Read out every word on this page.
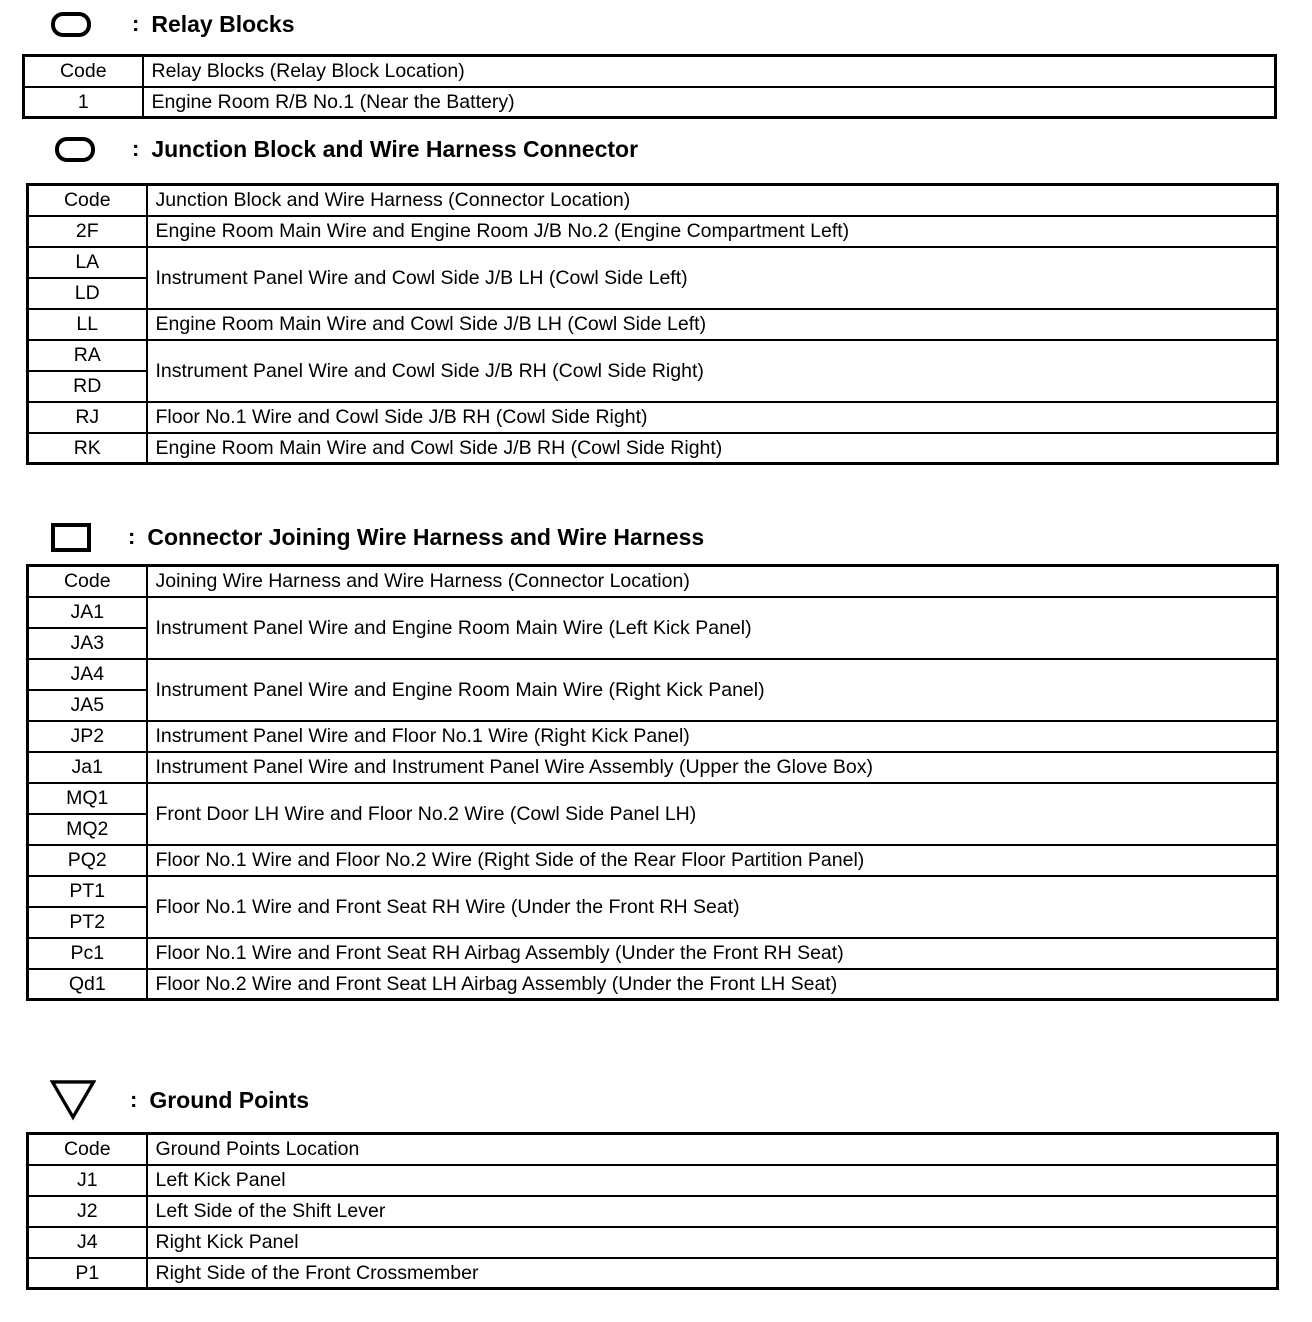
: Relay Blocks
Code	Relay Blocks (Relay Block Location)
1	Engine Room R/B No.1 (Near the Battery)
: Junction Block and Wire Harness Connector
Code	Junction Block and Wire Harness (Connector Location)
2F	Engine Room Main Wire and Engine Room J/B No.2 (Engine Compartment Left)
LA	Instrument Panel Wire and Cowl Side J/B LH (Cowl Side Left)
LD	
LL	Engine Room Main Wire and Cowl Side J/B LH (Cowl Side Left)
RA	Instrument Panel Wire and Cowl Side J/B RH (Cowl Side Right)
RD	
RJ	Floor No.1 Wire and Cowl Side J/B RH (Cowl Side Right)
RK	Engine Room Main Wire and Cowl Side J/B RH (Cowl Side Right)
: Connector Joining Wire Harness and Wire Harness
Code	Joining Wire Harness and Wire Harness (Connector Location)
JA1	Instrument Panel Wire and Engine Room Main Wire (Left Kick Panel)
JA3	
JA4	Instrument Panel Wire and Engine Room Main Wire (Right Kick Panel)
JA5	
JP2	Instrument Panel Wire and Floor No.1 Wire (Right Kick Panel)
Ja1	Instrument Panel Wire and Instrument Panel Wire Assembly (Upper the Glove Box)
MQ1	Front Door LH Wire and Floor No.2 Wire (Cowl Side Panel LH)
MQ2	
PQ2	Floor No.1 Wire and Floor No.2 Wire (Right Side of the Rear Floor Partition Panel)
PT1	Floor No.1 Wire and Front Seat RH Wire (Under the Front RH Seat)
PT2	
Pc1	Floor No.1 Wire and Front Seat RH Airbag Assembly (Under the Front RH Seat)
Qd1	Floor No.2 Wire and Front Seat LH Airbag Assembly (Under the Front LH Seat)
: Ground Points
Code	Ground Points Location
J1	Left Kick Panel
J2	Left Side of the Shift Lever
J4	Right Kick Panel
P1	Right Side of the Front Crossmember
